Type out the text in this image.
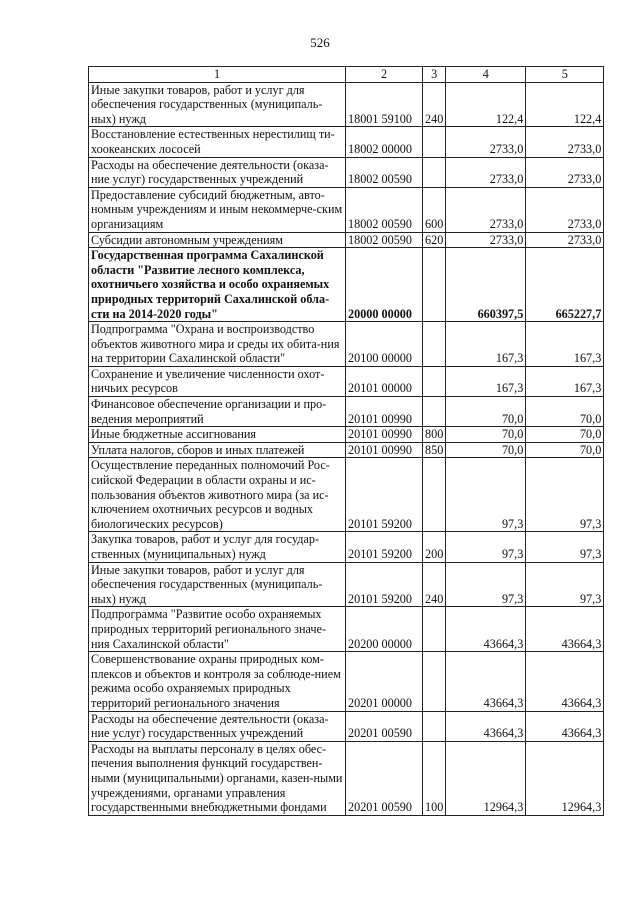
526
1	2	3	4	5
Иные закупки товаров, работ и услуг для обеспечения государственных (муниципаль-ных) нужд	18001 59100	240	122,4	122,4
Восстановление естественных нерестилищ ти-хоокеанских лососей	18002 00000		2733,0	2733,0
Расходы на обеспечение деятельности (оказа-ние услуг) государственных учреждений	18002 00590		2733,0	2733,0
Предоставление субсидий бюджетным, авто-номным учреждениям и иным некоммерче-ским организациям	18002 00590	600	2733,0	2733,0
Субсидии автономным учреждениям	18002 00590	620	2733,0	2733,0
Государственная программа Сахалинской области "Развитие лесного комплекса, охотничьего хозяйства и особо охраняемых природных территорий Сахалинской обла-сти на 2014-2020 годы"	20000 00000		660397,5	665227,7
Подпрограмма "Охрана и воспроизводство объектов животного мира и среды их обита-ния на территории Сахалинской области"	20100 00000		167,3	167,3
Сохранение и увеличение численности охот-ничьих ресурсов	20101 00000		167,3	167,3
Финансовое обеспечение организации и про-ведения мероприятий	20101 00990		70,0	70,0
Иные бюджетные ассигнования	20101 00990	800	70,0	70,0
Уплата налогов, сборов и иных платежей	20101 00990	850	70,0	70,0
Осуществление переданных полномочий Рос-сийской Федерации в области охраны и ис-пользования объектов животного мира (за ис-ключением охотничьих ресурсов и водных биологических ресурсов)	20101 59200		97,3	97,3
Закупка товаров, работ и услуг для государ-ственных (муниципальных) нужд	20101 59200	200	97,3	97,3
Иные закупки товаров, работ и услуг для обеспечения государственных (муниципаль-ных) нужд	20101 59200	240	97,3	97,3
Подпрограмма "Развитие особо охраняемых природных территорий регионального значе-ния Сахалинской области"	20200 00000		43664,3	43664,3
Совершенствование охраны природных ком-плексов и объектов и контроля за соблюде-нием режима особо охраняемых природных территорий регионального значения	20201 00000		43664,3	43664,3
Расходы на обеспечение деятельности (оказа-ние услуг) государственных учреждений	20201 00590		43664,3	43664,3
Расходы на выплаты персоналу в целях обес-печения выполнения функций государствен-ными (муниципальными) органами, казен-ными учреждениями, органами управления государственными внебюджетными фондами	20201 00590	100	12964,3	12964,3
